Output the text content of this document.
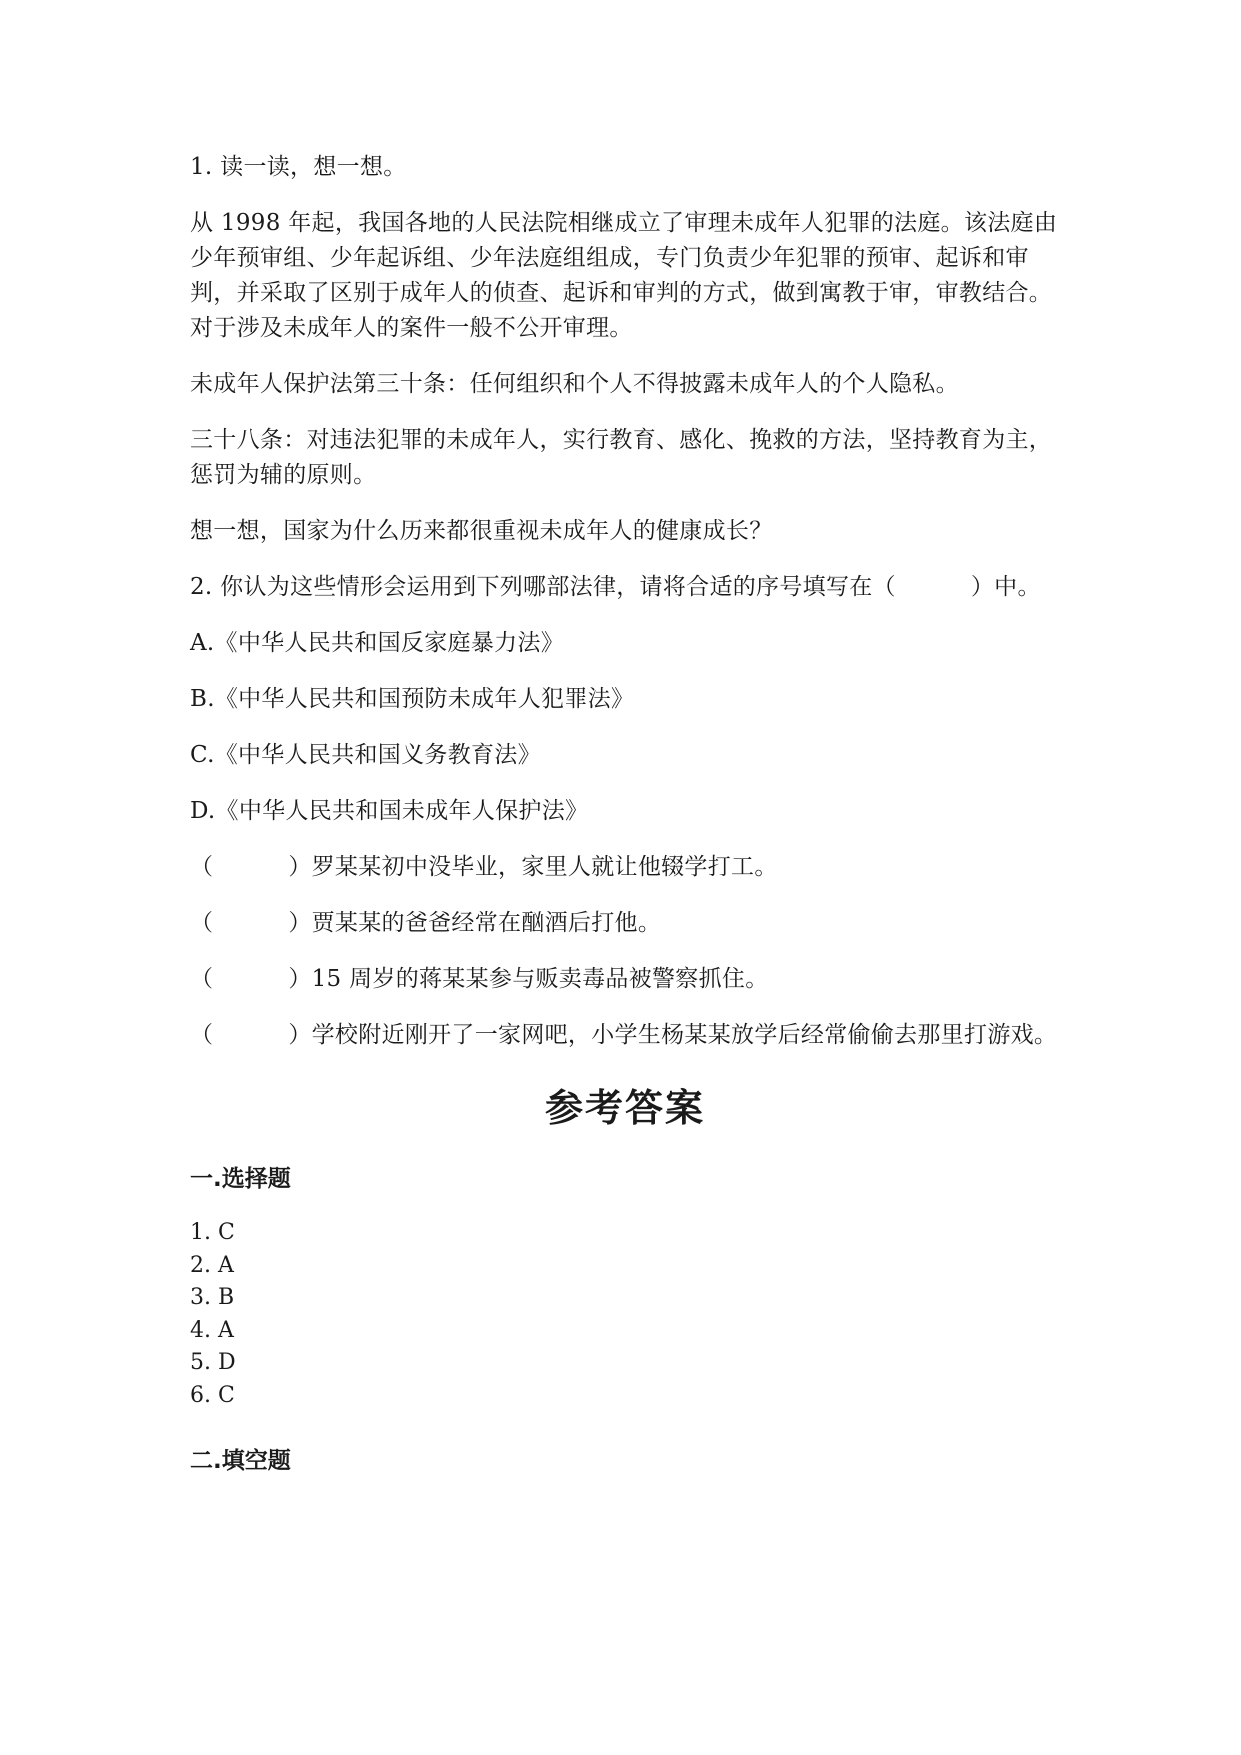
1. 读一读，想一想。

从 1998 年起，我国各地的人民法院相继成立了审理未成年人犯罪的法庭。该法庭由少年预审组、少年起诉组、少年法庭组组成，专门负责少年犯罪的预审、起诉和审判，并采取了区别于成年人的侦查、起诉和审判的方式，做到寓教于审，审教结合。对于涉及未成年人的案件一般不公开审理。

未成年人保护法第三十条：任何组织和个人不得披露未成年人的个人隐私。

三十八条：对违法犯罪的未成年人，实行教育、感化、挽救的方法，坚持教育为主，惩罚为辅的原则。

想一想，国家为什么历来都很重视未成年人的健康成长？

2. 你认为这些情形会运用到下列哪部法律，请将合适的序号填写在（	）中。

A.《中华人民共和国反家庭暴力法》

B.《中华人民共和国预防未成年人犯罪法》

C.《中华人民共和国义务教育法》

D.《中华人民共和国未成年人保护法》

（	）罗某某初中没毕业，家里人就让他辍学打工。

（	）贾某某的爸爸经常在酗酒后打他。

（	）15 周岁的蒋某某参与贩卖毒品被警察抓住。

（	）学校附近刚开了一家网吧，小学生杨某某放学后经常偷偷去那里打游戏。

参考答案
一.选择题
1. C
2. A
3. B
4. A
5. D
6. C
二.填空题
